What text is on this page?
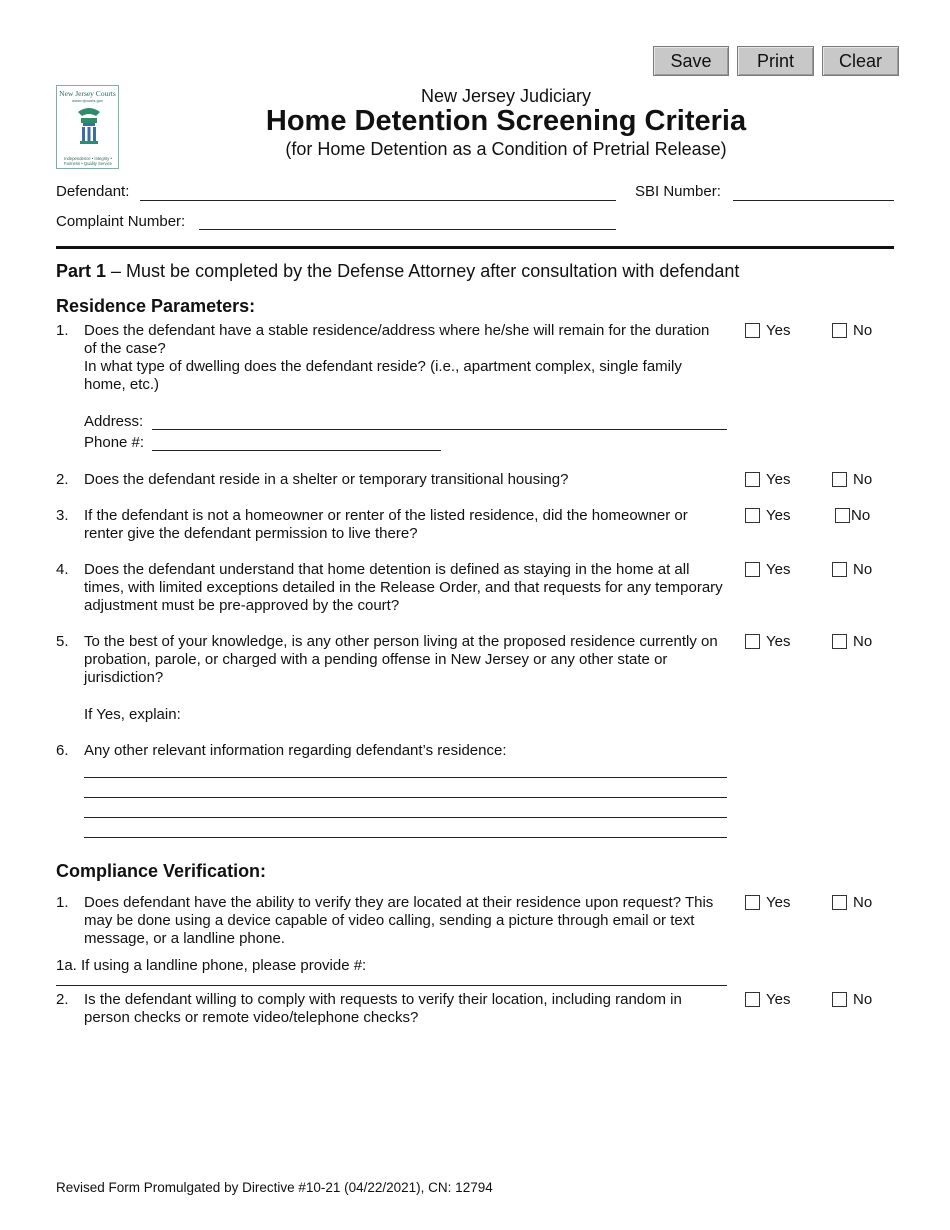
Save	Print	Clear
New Jersey Courts
www.njcourts.gov
Independence • Integrity • Fairness • Quality Service
New Jersey Judiciary
Home Detention Screening Criteria
(for Home Detention as a Condition of Pretrial Release)
Defendant:	SBI Number:
Complaint Number:
Part 1 – Must be completed by the Defense Attorney after consultation with defendant
Residence Parameters:
1. Does the defendant have a stable residence/address where he/she will remain for the duration of the case?
In what type of dwelling does the defendant reside? (i.e., apartment complex, single family home, etc.)
Yes	No
Address:
Phone #:
2. Does the defendant reside in a shelter or temporary transitional housing?	Yes	No
3. If the defendant is not a homeowner or renter of the listed residence, did the homeowner or renter give the defendant permission to live there?
Yes	No
4. Does the defendant understand that home detention is defined as staying in the home at all times, with limited exceptions detailed in the Release Order, and that requests for any temporary adjustment must be pre-approved by the court?
Yes	No
5. To the best of your knowledge, is any other person living at the proposed residence currently on probation, parole, or charged with a pending offense in New Jersey or any other state or jurisdiction?
Yes	No
If Yes, explain:
6. Any other relevant information regarding defendant’s residence:
Compliance Verification:
1. Does defendant have the ability to verify they are located at their residence upon request? This may be done using a device capable of video calling, sending a picture through email or text message, or a landline phone.
Yes	No
1a. If using a landline phone, please provide #:
2. Is the defendant willing to comply with requests to verify their location, including random in person checks or remote video/telephone checks?
Yes	No
Revised Form Promulgated by Directive #10-21 (04/22/2021), CN: 12794
